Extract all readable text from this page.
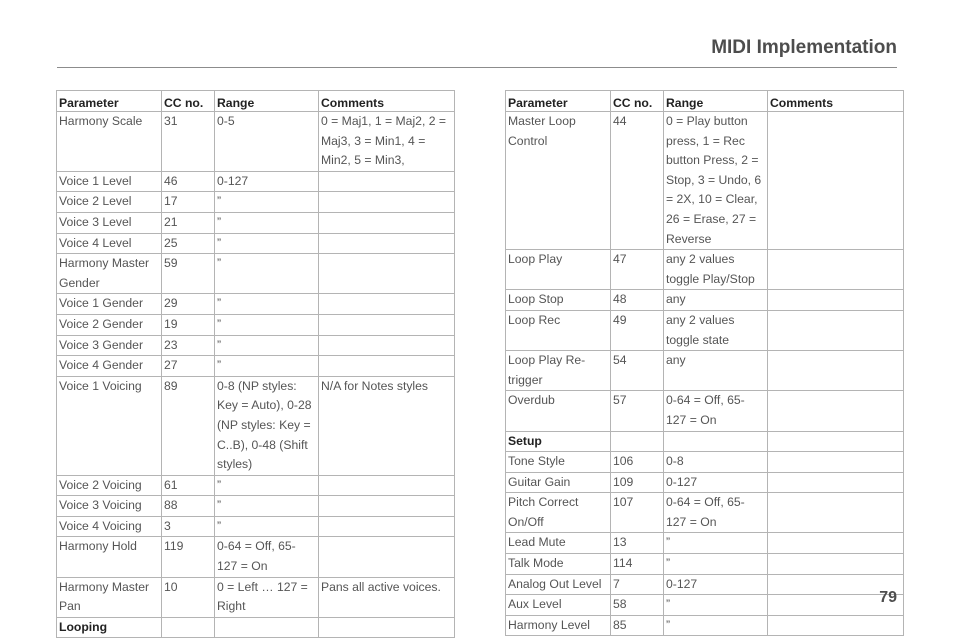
MIDI Implementation
Parameter	CC no.	Range	Comments
Harmony Scale	31	0-5	0 = Maj1, 1 = Maj2, 2 = Maj3, 3 = Min1, 4 = Min2, 5 = Min3,
Voice 1 Level	46	0-127	
Voice 2 Level	17	”	
Voice 3 Level	21	”	
Voice 4 Level	25	”	
Harmony Master Gender	59	”	
Voice 1 Gender	29	”	
Voice 2 Gender	19	”	
Voice 3 Gender	23	”	
Voice 4 Gender	27	”	
Voice 1 Voicing	89	0-8 (NP styles: Key = Auto), 0-28 (NP styles: Key = C..B), 0-48 (Shift styles)	N/A for Notes styles
Voice 2 Voicing	61	”	
Voice 3 Voicing	88	”	
Voice 4 Voicing	3	”	
Harmony Hold	119	0-64 = Off, 65-127 = On	
Harmony Master Pan	10	0 = Left … 127 = Right	Pans all active voices.
Looping			
Parameter	CC no.	Range	Comments
Master Loop Control	44	0 = Play button press, 1 = Rec button Press, 2 = Stop, 3 = Undo, 6 = 2X, 10 = Clear, 26 = Erase, 27 = Reverse	
Loop Play	47	any 2 values toggle Play/Stop	
Loop Stop	48	any	
Loop Rec	49	any 2 values toggle state	
Loop Play Re-trigger	54	any	
Overdub	57	0-64 = Off, 65-127 = On	
Setup			
Tone Style	106	0-8	
Guitar Gain	109	0-127	
Pitch Correct On/Off	107	0-64 = Off, 65-127 = On	
Lead Mute	13	”	
Talk Mode	114	”	
Analog Out Level	7	0-127	
Aux Level	58	”	
Harmony Level	85	”	
79
